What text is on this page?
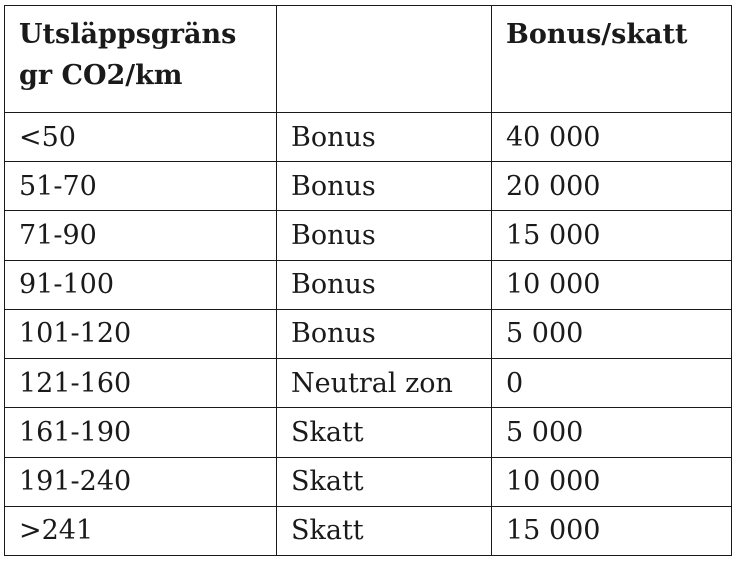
Utsläppsgräns
gr CO2/km		Bonus/skatt
<50	Bonus	40 000
51-70	Bonus	20 000
71-90	Bonus	15 000
91-100	Bonus	10 000
101-120	Bonus	5 000
121-160	Neutral zon	0
161-190	Skatt	5 000
191-240	Skatt	10 000
>241	Skatt	15 000
